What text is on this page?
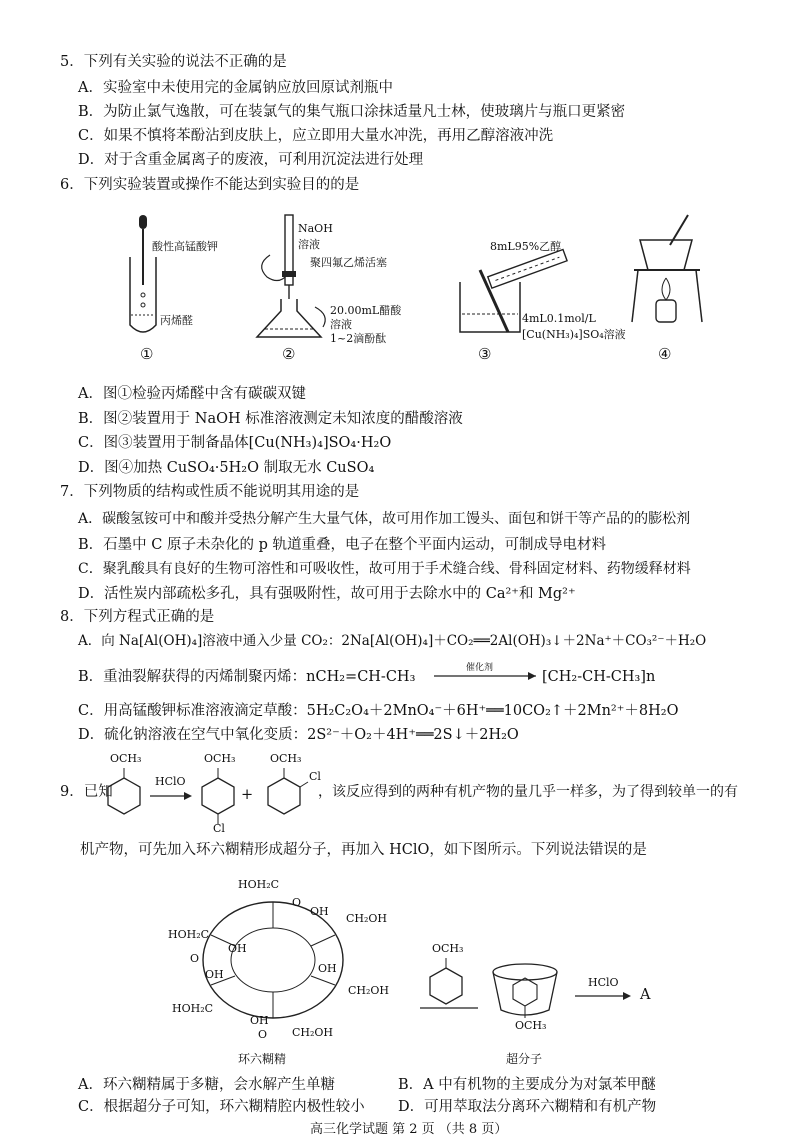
5．下列有关实验的说法不正确的是
A．实验室中未使用完的金属钠应放回原试剂瓶中
B．为防止氯气逸散，可在装氯气的集气瓶口涂抹适量凡士林，使玻璃片与瓶口更紧密
C．如果不慎将苯酚沾到皮肤上，应立即用大量水冲洗，再用乙醇溶液冲洗
D．对于含重金属离子的废液，可利用沉淀法进行处理
6．下列实验装置或操作不能达到实验目的的是
酸性高锰酸钾
丙烯醛
NaOH
溶液
聚四氟乙烯活塞
20.00mL醋酸
溶液
1~2滴酚酞
8mL95%乙醇
4mL0.1mol/L
[Cu(NH₃)₄]SO₄溶液
①	②	③	④
A．图①检验丙烯醛中含有碳碳双键
B．图②装置用于 NaOH 标准溶液测定未知浓度的醋酸溶液
C．图③装置用于制备晶体[Cu(NH₃)₄]SO₄·H₂O
D．图④加热 CuSO₄·5H₂O 制取无水 CuSO₄
7．下列物质的结构或性质不能说明其用途的是
A．碳酸氢铵可中和酸并受热分解产生大量气体，故可用作加工馒头、面包和饼干等产品的的膨松剂
B．石墨中 C 原子未杂化的 p 轨道重叠，电子在整个平面内运动，可制成导电材料
C．聚乳酸具有良好的生物可溶性和可吸收性，故可用于手术缝合线、骨科固定材料、药物缓释材料
D．活性炭内部疏松多孔，具有强吸附性，故可用于去除水中的 Ca²⁺和 Mg²⁺
8．下列方程式正确的是
A．向 Na[Al(OH)₄]溶液中通入少量 CO₂：2Na[Al(OH)₄]＋CO₂══2Al(OH)₃↓＋2Na⁺＋CO₃²⁻＋H₂O
B．重油裂解获得的丙烯制聚丙烯：nCH₂=CH-CH₃
催化剂
[CH₂-CH-CH₃]n
C．用高锰酸钾标准溶液滴定草酸：5H₂C₂O₄＋2MnO₄⁻＋6H⁺══10CO₂↑＋2Mn²⁺＋8H₂O
D．硫化钠溶液在空气中氧化变质：2S²⁻＋O₂＋4H⁺══2S↓＋2H₂O
9．已知
OCH₃
HClO
OCH₃
Cl
+
OCH₃
Cl
，该反应得到的两种有机产物的量几乎一样多，为了得到较单一的有
机产物，可先加入环六糊精形成超分子，再加入 HClO，如下图所示。下列说法错误的是
HOH₂C
HOH₂C
HOH₂C
CH₂OH
CH₂OH
CH₂OH
OH
OH
OH	OH
OH
O
O
O
环六糊精
OCH₃
OCH₃
超分子
HClO
A
A．环六糊精属于多糖，会水解产生单糖	B．A 中有机物的主要成分为对氯苯甲醚
C．根据超分子可知，环六糊精腔内极性较小 D．可用萃取法分离环六糊精和有机产物
高三化学试题 第 2 页 （共 8 页）
